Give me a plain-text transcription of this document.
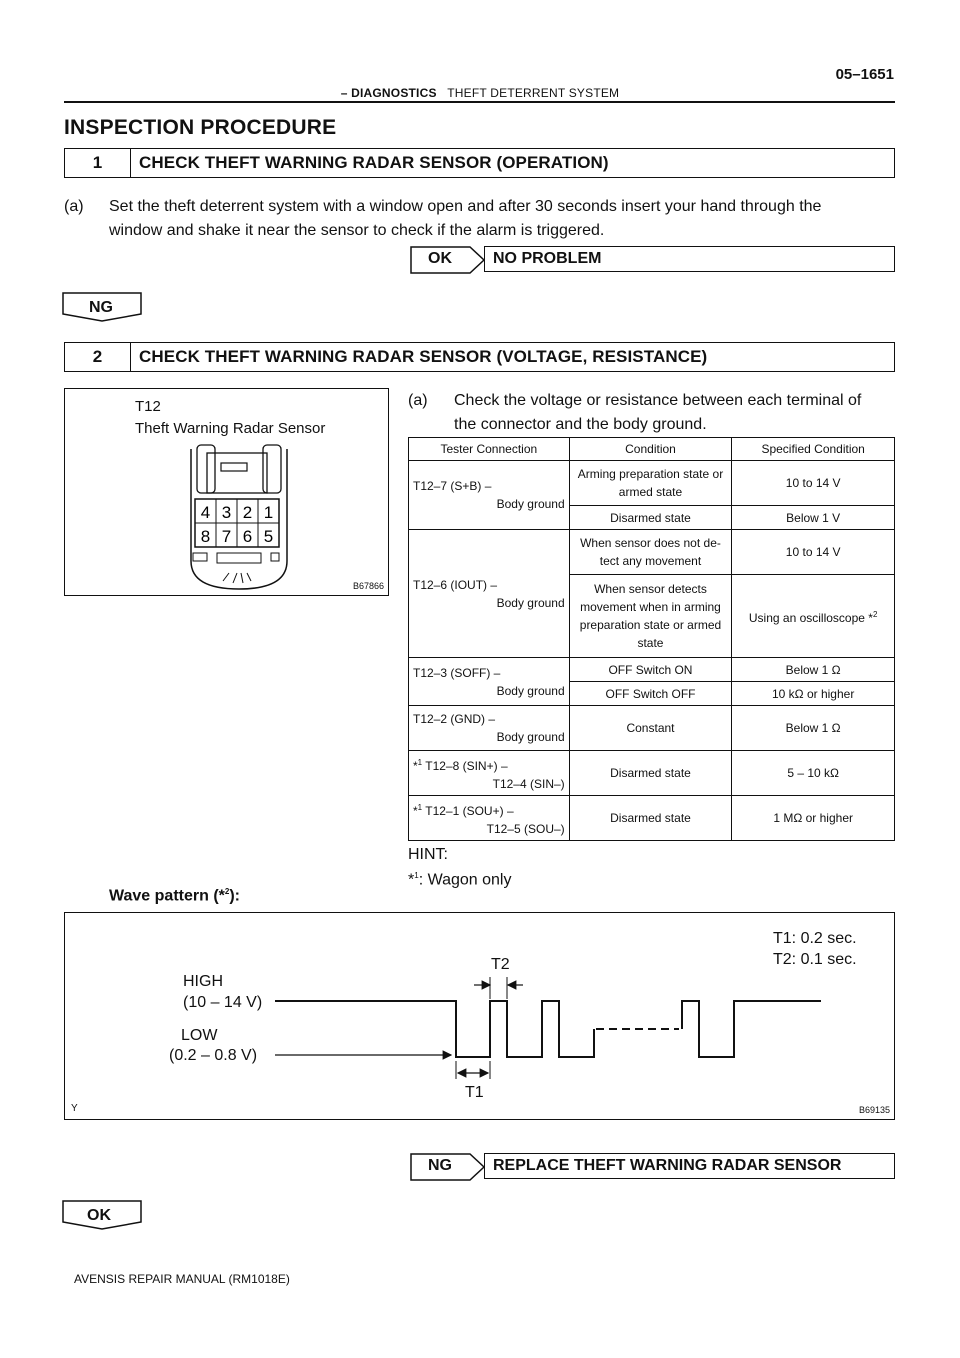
– DIAGNOSTICS THEFT DETERRENT SYSTEM
05–1651
INSPECTION PROCEDURE
1	CHECK THEFT WARNING RADAR SENSOR (OPERATION)
(a) Set the theft deterrent system with a window open and after 30 seconds insert your hand through the
window and shake it near the sensor to check if the alarm is triggered.
OK	NO PROBLEM
NG
2	CHECK THEFT WARNING RADAR SENSOR (VOLTAGE, RESISTANCE)
T12
Theft Warning Radar Sensor
4 3 2 1
8 7 6 5
B67866
(a) Check the voltage or resistance between each terminal of
the connector and the body ground.
Tester Connection	Condition	Specified Condition
T12–7 (S+B) –
Body ground	Arming preparation state or armed state	10 to 14 V
	Disarmed state	Below 1 V
T12–6 (IOUT) –
Body ground	When sensor does not de- tect any movement	10 to 14 V
	When sensor detects movement when in arming preparation state or armed state	Using an oscilloscope *$^2$
T12–3 (SOFF) –
Body ground	OFF Switch ON	Below 1 Ω
	OFF Switch OFF	10 kΩ or higher
T12–2 (GND) –
Body ground	Constant	Below 1 Ω
*$^1$ T12–8 (SIN+) –
T12–4 (SIN–)	Disarmed state	5 – 10 kΩ
*$^1$ T12–1 (SOU+) –
T12–5 (SOU–)	Disarmed state	1 MΩ or higher
HINT:
*$^1$: Wagon only
Wave pattern (*$^2$):
T1: 0.2 sec.
T2: 0.1 sec.
T2
HIGH
(10 – 14 V)
LOW
(0.2 – 0.8 V)
T1
Y	B69135
NG	REPLACE THEFT WARNING RADAR SENSOR
OK
AVENSIS REPAIR MANUAL (RM1018E)
